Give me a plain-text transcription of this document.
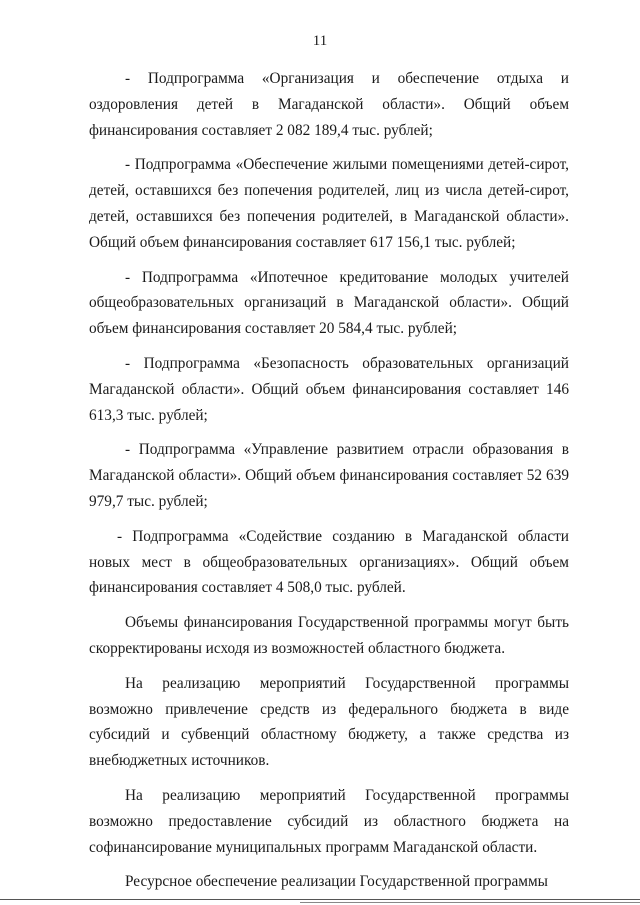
11

- Подпрограмма «Организация и обеспечение отдыха и оздоровления детей в Магаданской области». Общий объем финансирования составляет 2 082 189,4 тыс. рублей;

- Подпрограмма «Обеспечение жилыми помещениями детей-сирот, детей, оставшихся без попечения родителей, лиц из числа детей-сирот, детей, оставшихся без попечения родителей, в Магаданской области». Общий объем финансирования составляет 617 156,1 тыс. рублей;

- Подпрограмма «Ипотечное кредитование молодых учителей общеобразовательных организаций в Магаданской области». Общий объем финансирования составляет 20 584,4 тыс. рублей;

- Подпрограмма «Безопасность образовательных организаций Магаданской области». Общий объем финансирования составляет 146 613,3 тыс. рублей;

- Подпрограмма «Управление развитием отрасли образования в Магаданской области». Общий объем финансирования составляет 52 639 979,7 тыс. рублей;

- Подпрограмма «Содействие созданию в Магаданской области новых мест в общеобразовательных организациях». Общий объем финансирования составляет 4 508,0 тыс. рублей.

Объемы финансирования Государственной программы могут быть скорректированы исходя из возможностей областного бюджета.

На реализацию мероприятий Государственной программы возможно привлечение средств из федерального бюджета в виде субсидий и субвенций областному бюджету, а также средства из внебюджетных источников.

На реализацию мероприятий Государственной программы возможно предоставление субсидий из областного бюджета на софинансирование муниципальных программ Магаданской области.

Ресурсное обеспечение реализации Государственной программы
